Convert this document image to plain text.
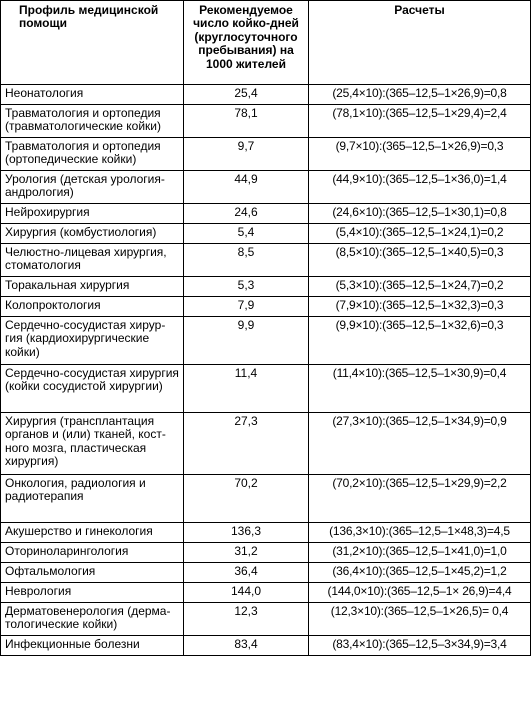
Профиль медицинской помощи	Рекомендуемое число койко-дней (круглосуточного пребывания) на 1000 жителей	Расчеты
Неонатология	25,4	(25,4×10):(365–12,5–1×26,9)=0,8
Травматология и ортопедия (травматологические койки)	78,1	(78,1×10):(365–12,5–1×29,4)=2,4
Травматология и ортопедия (ортопедические койки)	9,7	(9,7×10):(365–12,5–1×26,9)=0,3
Урология (детская урология-андрология)	44,9	(44,9×10):(365–12,5–1×36,0)=1,4
Нейрохирургия	24,6	(24,6×10):(365–12,5–1×30,1)=0,8
Хирургия (комбустиология)	5,4	(5,4×10):(365–12,5–1×24,1)=0,2
Челюстно-лицевая хирургия, стоматология	8,5	(8,5×10):(365–12,5–1×40,5)=0,3
Торакальная хирургия	5,3	(5,3×10):(365–12,5–1×24,7)=0,2
Колопроктология	7,9	(7,9×10):(365–12,5–1×32,3)=0,3
Сердечно-сосудистая хирур-гия (кардиохирургические койки)	9,9	(9,9×10):(365–12,5–1×32,6)=0,3
Сердечно-сосудистая хирургия (койки сосудистой хирургии)	11,4	(11,4×10):(365–12,5–1×30,9)=0,4
Хирургия (трансплантация органов и (или) тканей, кост-ного мозга, пластическая хирургия)	27,3	(27,3×10):(365–12,5–1×34,9)=0,9
Онкология, радиология и радиотерапия	70,2	(70,2×10):(365–12,5–1×29,9)=2,2
Акушерство и гинекология	136,3	(136,3×10):(365–12,5–1×48,3)=4,5
Оториноларингология	31,2	(31,2×10):(365–12,5–1×41,0)=1,0
Офтальмология	36,4	(36,4×10):(365–12,5–1×45,2)=1,2
Неврология	144,0	(144,0×10):(365–12,5–1× 26,9)=4,4
Дерматовенерология (дерма-тологические койки)	12,3	(12,3×10):(365–12,5–1×26,5)= 0,4
Инфекционные болезни	83,4	(83,4×10):(365–12,5–3×34,9)=3,4
